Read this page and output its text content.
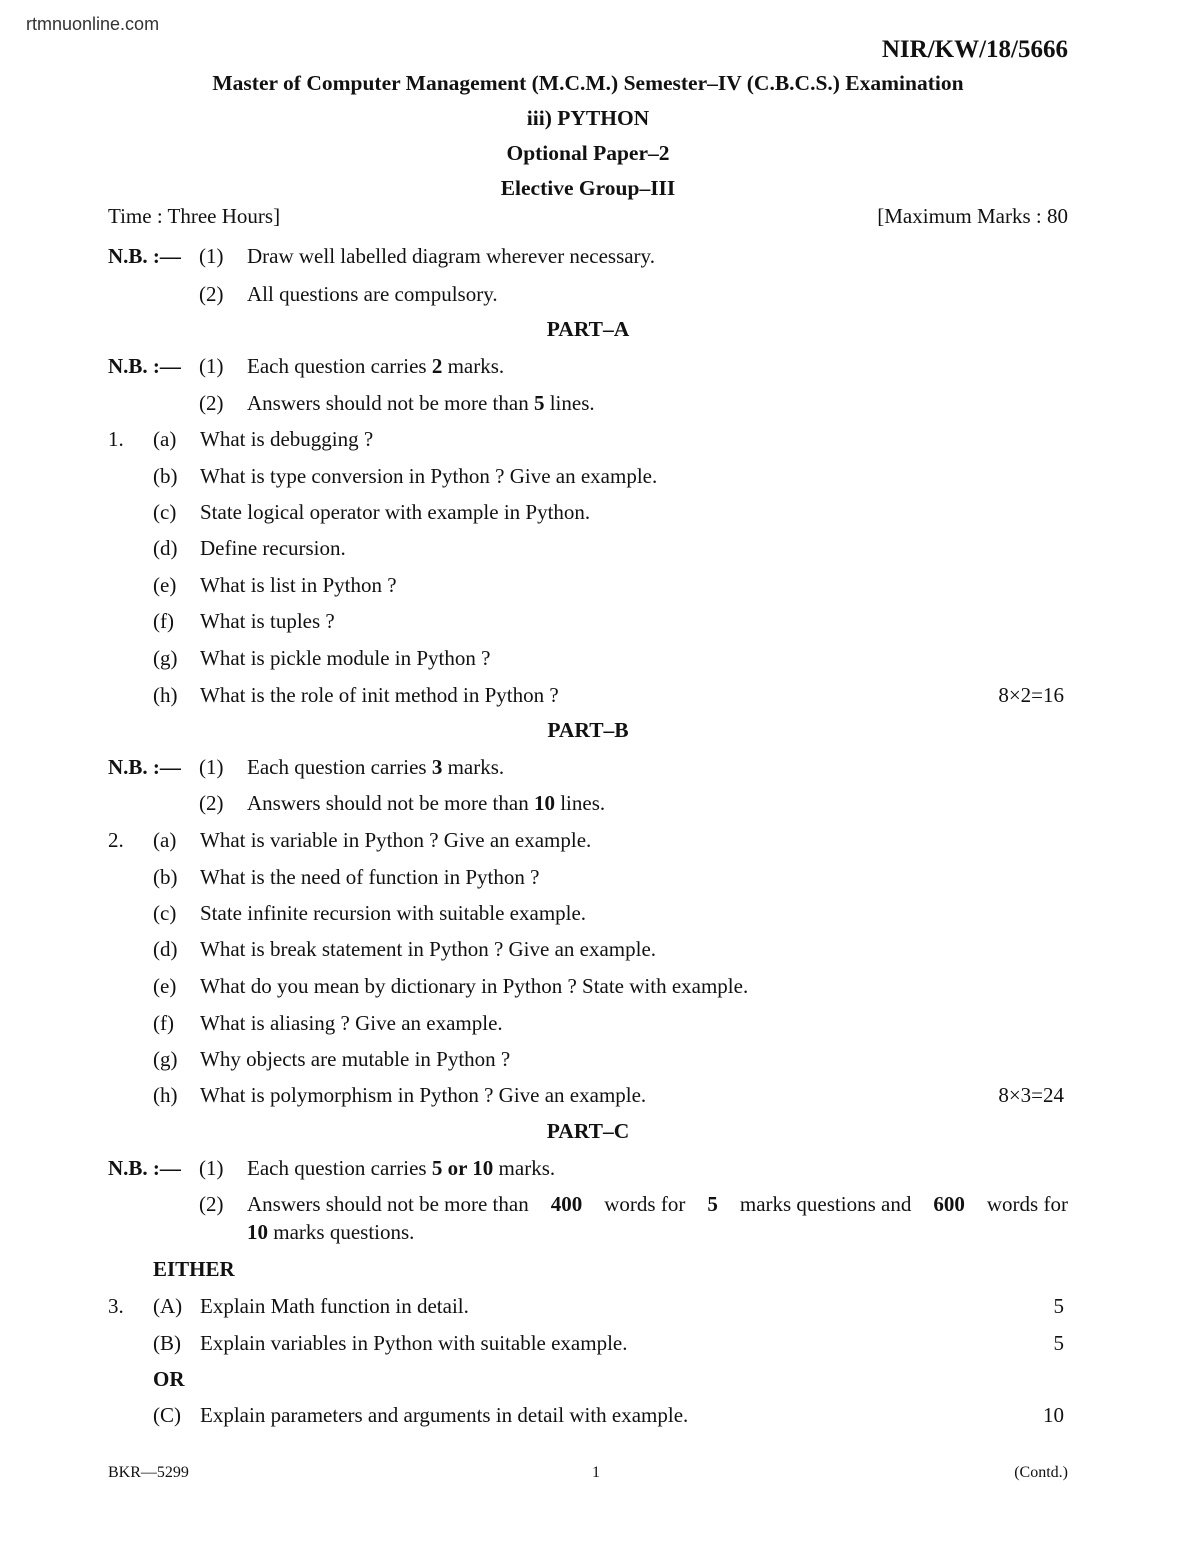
rtmnuonline.com
NIR/KW/18/5666
Master of Computer Management (M.C.M.) Semester–IV (C.B.C.S.) Examination
iii) PYTHON
Optional Paper–2
Elective Group–III
Time : Three Hours]	[Maximum Marks : 80
N.B. :— (1) Draw well labelled diagram wherever necessary.
(2) All questions are compulsory.
PART–A
N.B. :— (1) Each question carries 2 marks.
(2) Answers should not be more than 5 lines.
1. (a) What is debugging ?
(b) What is type conversion in Python ? Give an example.
(c) State logical operator with example in Python.
(d) Define recursion.
(e) What is list in Python ?
(f) What is tuples ?
(g) What is pickle module in Python ?
(h) What is the role of init method in Python ?	8×2=16
PART–B
N.B. :— (1) Each question carries 3 marks.
(2) Answers should not be more than 10 lines.
2. (a) What is variable in Python ? Give an example.
(b) What is the need of function in Python ?
(c) State infinite recursion with suitable example.
(d) What is break statement in Python ? Give an example.
(e) What do you mean by dictionary in Python ? State with example.
(f) What is aliasing ? Give an example.
(g) Why objects are mutable in Python ?
(h) What is polymorphism in Python ? Give an example.	8×3=24
PART–C
N.B. :— (1) Each question carries 5 or 10 marks.
(2) Answers should not be more than 400 words for 5 marks questions and 600 words for
10 marks questions.
EITHER
3. (A) Explain Math function in detail.	5
(B) Explain variables in Python with suitable example.	5
OR
(C) Explain parameters and arguments in detail with example.	10
BKR—5299	1	(Contd.)
